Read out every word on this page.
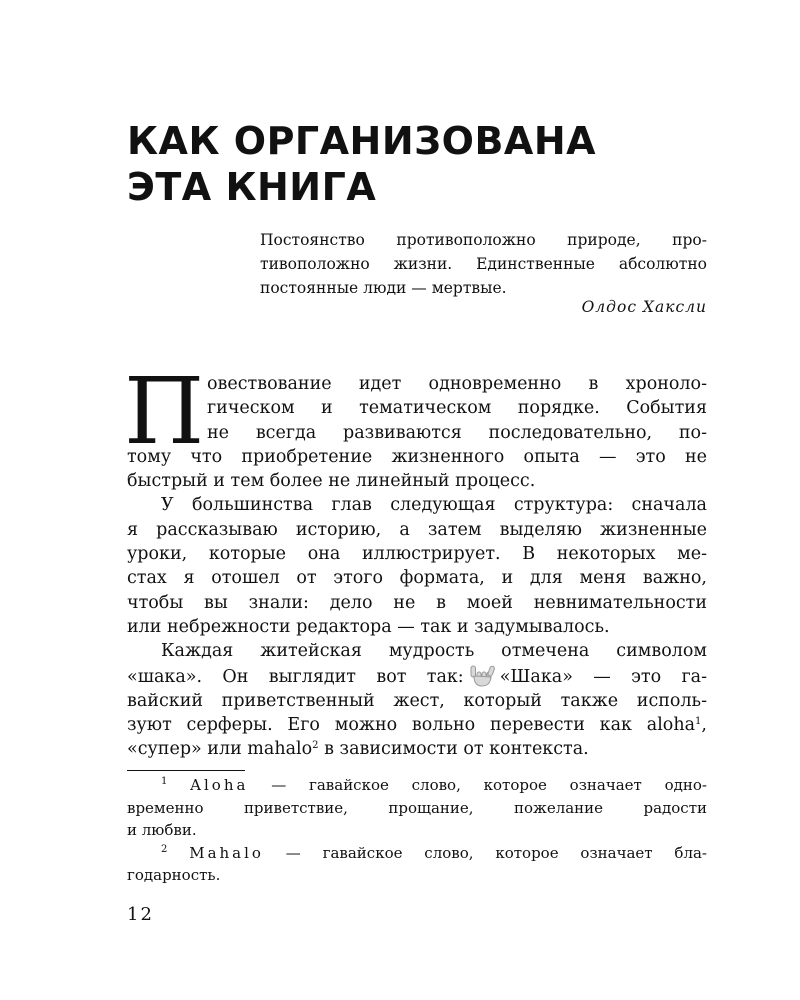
КАК ОРГАНИЗОВАНА
ЭТА КНИГА
Постоянство противоположно природе, про-
тивоположно жизни. Единственные абсолютно
постоянные люди — мертвые.
Олдос Хаксли
П овествование идет одновременно в хроноло-
гическом и тематическом порядке. События
не всегда развиваются последовательно, по-
тому что приобретение жизненного опыта — это не
быстрый и тем более не линейный процесс.
У большинства глав следующая структура: сначала
я рассказываю историю, а затем выделяю жизненные
уроки, которые она иллюстрирует. В некоторых ме-
стах я отошел от этого формата, и для меня важно,
чтобы вы знали: дело не в моей невнимательности
или небрежности редактора — так и задумывалось.
Каждая житейская мудрость отмечена символом
«шака». Он выглядит вот так: «Шака» — это га-
вайский приветственный жест, который также исполь-
зуют серферы. Его можно вольно перевести как aloha$^1$,
«супер» или mahalo$^2$ в зависимости от контекста.
$^1$ Aloha — гавайское слово, которое означает одно-
временно приветствие, прощание, пожелание радости
и любви.
$^2$ Mahalo — гавайское слово, которое означает бла-
годарность.
12
